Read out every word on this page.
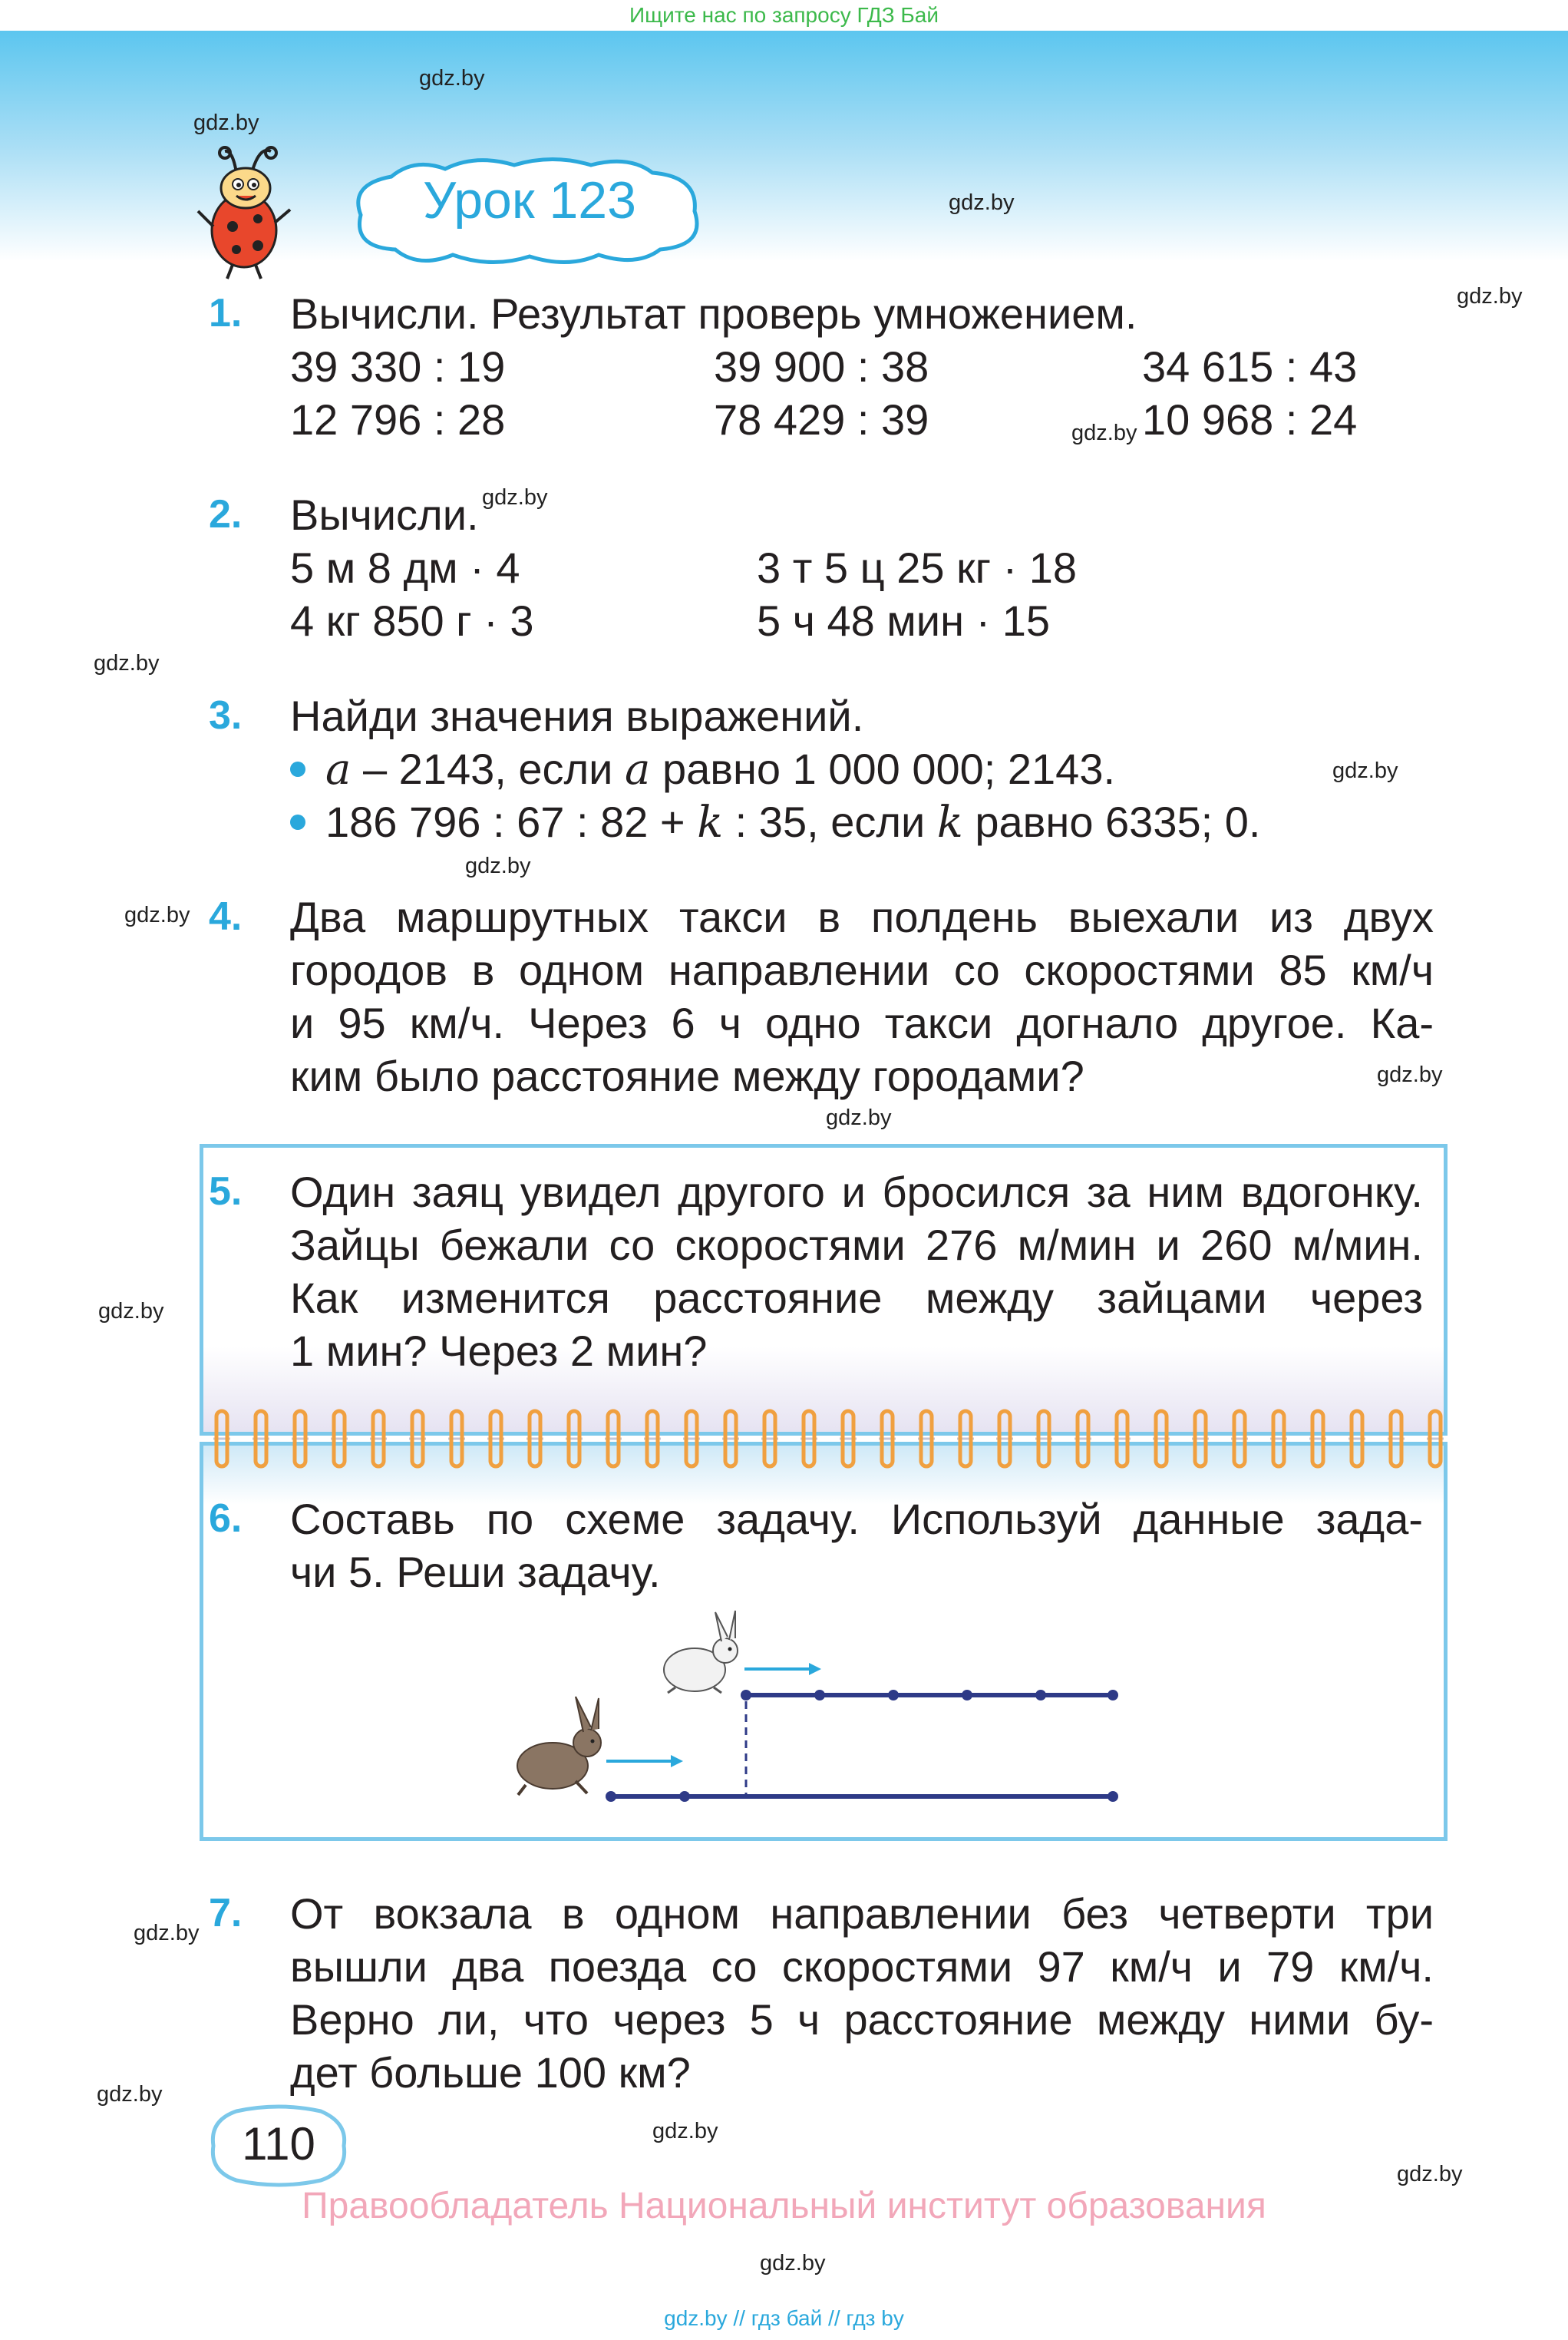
Ищите нас по запросу ГДЗ Бай
Урок 123
gdz.by
gdz.by
gdz.by
gdz.by
gdz.by
gdz.by
gdz.by
gdz.by
gdz.by
gdz.by
gdz.by
gdz.by
gdz.by
gdz.by
gdz.by
gdz.by
gdz.by
gdz.by
1. Вычисли. Результат проверь умножением.
39 330 : 19	39 900 : 38	34 615 : 43
12 796 : 28	78 429 : 39	10 968 : 24
2. Вычисли.
5 м 8 дм · 4	3 т 5 ц 25 кг · 18
4 кг 850 г · 3	5 ч 48 мин · 15
3. Найди значения выражений.
a – 2143, если a равно 1 000 000; 2143.
186 796 : 67 : 82 + k : 35, если k равно 6335; 0.
4. Два маршрутных такси в полдень выехали из двух
городов в одном направлении со скоростями 85 км/ч
и 95 км/ч. Через 6 ч одно такси догнало другое. Ка-
ким было расстояние между городами?
5. Один заяц увидел другого и бросился за ним вдогонку.
Зайцы бежали со скоростями 276 м/мин и 260 м/мин.
Как изменится расстояние между зайцами через
1 мин? Через 2 мин?
6. Составь по схеме задачу. Используй данные зада-
чи 5. Реши задачу.
7. От вокзала в одном направлении без четверти три
вышли два поезда со скоростями 97 км/ч и 79 км/ч.
Верно ли, что через 5 ч расстояние между ними бу-
дет больше 100 км?
110
Правообладатель Национальный институт образования
gdz.by // гдз бай // гдз by
